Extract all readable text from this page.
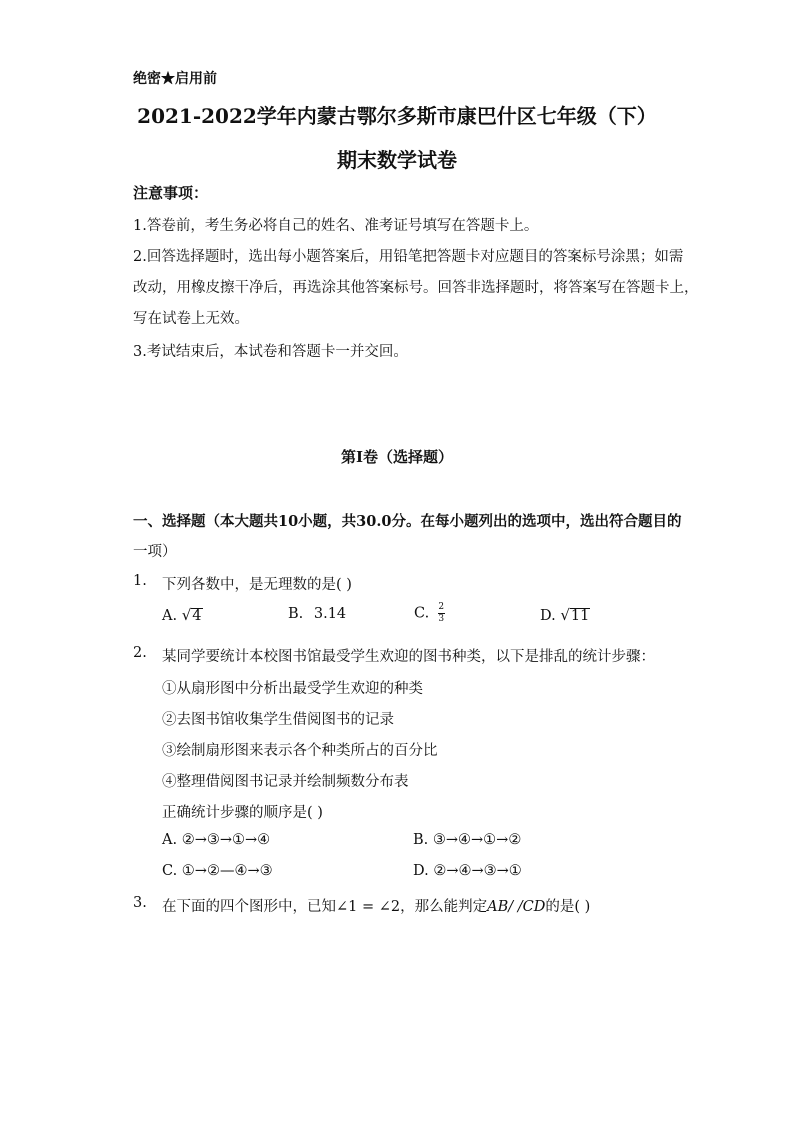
绝密★启用前
2021-2022学年内蒙古鄂尔多斯市康巴什区七年级（下）
期末数学试卷
注意事项：
1.答卷前，考生务必将自己的姓名、准考证号填写在答题卡上。
2.回答选择题时，选出每小题答案后，用铅笔把答题卡对应题目的答案标号涂黑；如需
改动，用橡皮擦干净后，再选涂其他答案标号。回答非选择题时，将答案写在答题卡上，
写在试卷上无效。
3.考试结束后，本试卷和答题卡一并交回。
第I卷（选择题）
一、选择题（本大题共10小题，共30.0分。在每小题列出的选项中，选出符合题目的
一项）
1. 下列各数中，是无理数的是( )
A. √4	B. 3.14	C. $\frac{2}{3}$	D. √11
2. 某同学要统计本校图书馆最受学生欢迎的图书种类，以下是排乱的统计步骤：
①从扇形图中分析出最受学生欢迎的种类
②去图书馆收集学生借阅图书的记录
③绘制扇形图来表示各个种类所占的百分比
④整理借阅图书记录并绘制频数分布表
正确统计步骤的顺序是( )
A. ②→③→①→④	B. ③→④→①→②
C. ①→②—④→③	D. ②→④→③→①
3. 在下面的四个图形中，已知∠1 = ∠2，那么能判定AB/ /CD的是( )
